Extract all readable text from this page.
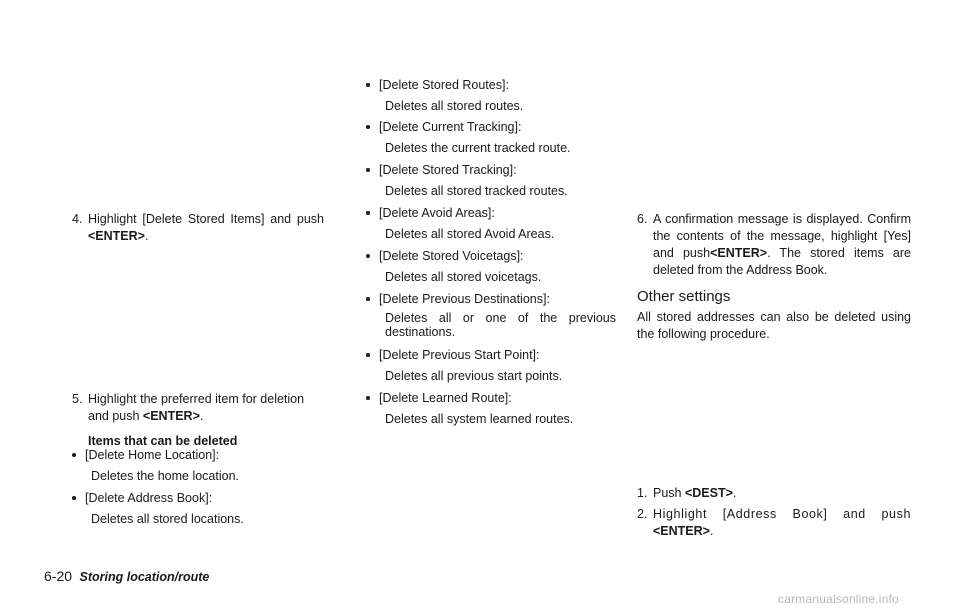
4. Highlight [Delete Stored Items] and push <ENTER>.
5. Highlight the preferred item for deletion and push <ENTER>.
Items that can be deleted
[Delete Home Location]:
Deletes the home location.
[Delete Address Book]:
Deletes all stored locations.
[Delete Stored Routes]:
Deletes all stored routes.
[Delete Current Tracking]:
Deletes the current tracked route.
[Delete Stored Tracking]:
Deletes all stored tracked routes.
[Delete Avoid Areas]:
Deletes all stored Avoid Areas.
[Delete Stored Voicetags]:
Deletes all stored voicetags.
[Delete Previous Destinations]:
Deletes all or one of the previous destinations.
[Delete Previous Start Point]:
Deletes all previous start points.
[Delete Learned Route]:
Deletes all system learned routes.
6. A confirmation message is displayed. Confirm the contents of the message, highlight [Yes] and push<ENTER>. The stored items are deleted from the Address Book.
Other settings
All stored addresses can also be deleted using the following procedure.
1. Push <DEST>.
2. Highlight [Address Book] and push <ENTER>.
6-20 Storing location/route
carmanualsonline.info
